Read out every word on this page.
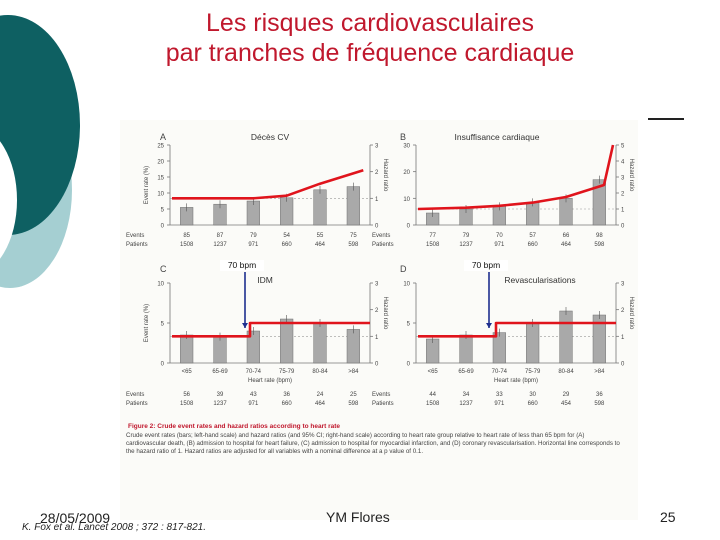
Les risques cardiovasculaires
par tranches de fréquence cardiaque
A
0
5
10
15
20
25
0
1
2
3
Event rate (%)	Hazard ratio
Events
Patients
85	87	79	54	55	75
1508	1237	971	660	464	598
Décès CV	B
0
10
20
30
0
1
2
3
4
5
Hazard ratio
Events
Patients
77	79	70	57	66	98
1508	1237	971	660	464	598
Insuffisance cardiaque
C
0
5
10
0
1
2
3
Event rate (%)	Hazard ratio
Events
Patients
56	39	43	36	24	25
1508	1237	971	660	464	598
<65	65-69	70-74	75-79	80-84	>84
Heart rate (bpm)
IDM
D
0
5
10
0
1
2
3
Hazard ratio
Events
Patients
44	34	33	30	29	36
1508	1237	971	660	454	598
<65	65-69	70-74	75-79	80-84	>84
Heart rate (bpm)
Revascularisations
70 bpm	70 bpm
Figure 2: Crude event rates and hazard ratios according to heart rate
Crude event rates (bars; left-hand scale) and hazard ratios (and 95% CI; right-hand scale) according to heart rate group relative to heart rate of less than 65 bpm for (A) cardiovascular death, (B) admission to hospital for heart failure, (C) admission to hospital for myocardial infarction, and (D) coronary revascularisation. Horizontal line corresponds to the hazard ratio of 1. Hazard ratios are adjusted for all variables with a nominal difference at a p value of 0.1.
28/05/2009
K. Fox et al. Lancet 2008 ; 372 : 817-821.
YM Flores	25
